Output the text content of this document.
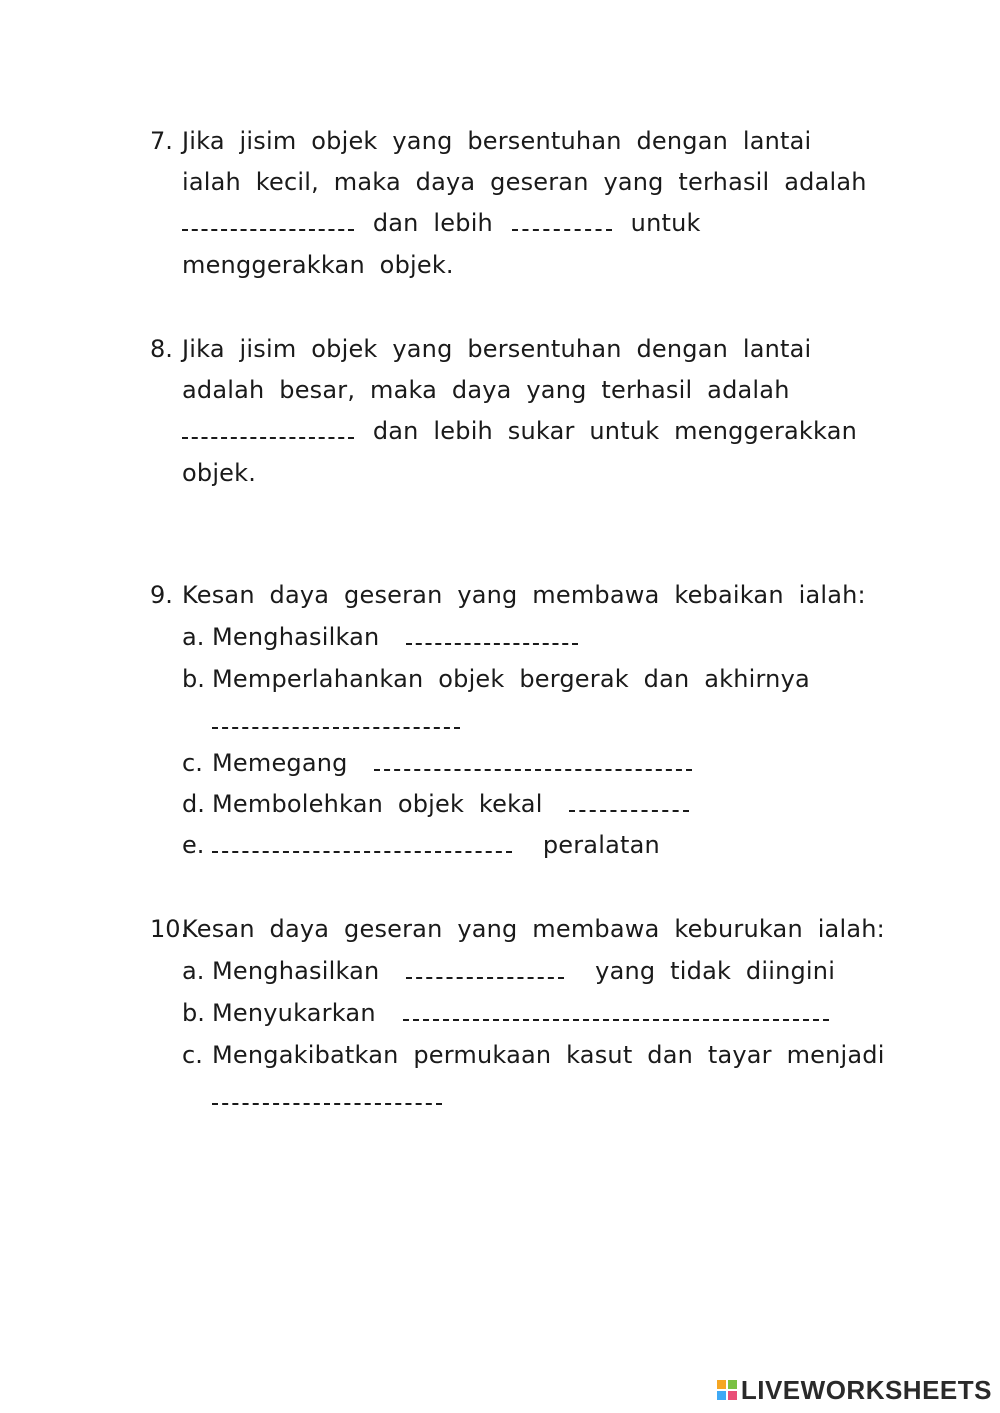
7. Jika jisim objek yang bersentuhan dengan lantai
ialah kecil, maka daya geseran yang terhasil adalah
dan lebih	untuk
menggerakkan objek.
8. Jika jisim objek yang bersentuhan dengan lantai
adalah besar, maka daya yang terhasil adalah
dan lebih sukar untuk menggerakkan
objek.
9. Kesan daya geseran yang membawa kebaikan ialah:
a. Menghasilkan
b. Memperlahankan objek bergerak dan akhirnya
c. Memegang
d. Membolehkan objek kekal
e.	peralatan
10.
Kesan daya geseran yang membawa keburukan ialah:
a. Menghasilkan	yang tidak diingini
b. Menyukarkan
c. Mengakibatkan permukaan kasut dan tayar menjadi
LIVEWORKSHEETS
